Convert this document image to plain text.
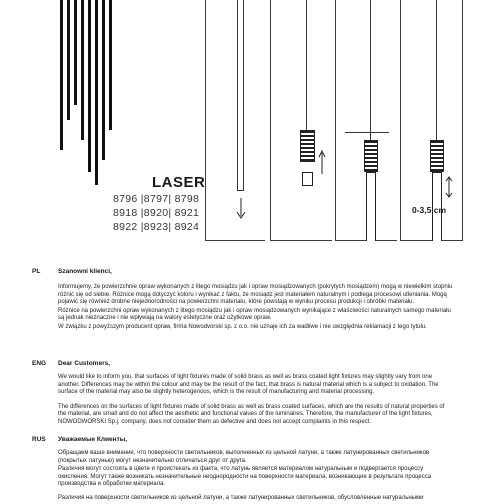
LASER
8796 |8797| 8798
8918 |8920| 8921
8922 |8923| 8924
0-3,5 cm
PL	Szanowni klienci,

Informujemy, że powierzchnie opraw wykonanych z litego mosiądzu jak i opraw mosiądzowanych (pokrytych mosiądzem) mogą w niewielkim stopniu różnić się od siebie. Różnice mogą dotyczyć koloru i wynikać z faktu, że mosiądz jest materiałem naturalnym i podlega procesowi utleniania. Mogą pojawić się również drobne niejednorodności na powierzchni materiału, które powstają w wyniku procesu produkcji i obróbki materiału.

Różnice na powierzchni opraw wykonanych z litego mosiądzu jak i opraw mosiądzowanych wynikające z właściwości naturalnych samego materiału są jednak nieznaczne i nie wpływają na walory estetyczne oraz użytkowe opraw.

W związku z powyższym producent opraw, firma Nowodvorski sp. z o.o. nie uznaje ich za wadliwe i nie uwzględnia reklamacji z tego tytułu.

ENG Dear Customers,

We would like to inform you, that surfaces of light fixtures made of solid brass as well as brass coated light fixtures may slightly vary from one another. Differences may be within the colour and may be the result of the fact, that brass is natural material which is a subject to oxidation. The surface of the material may also be slightly heterogenous, which is the result of manufacturing and material processing.

The differences on the surfaces of light fixtures made of solid brass as well as brass coated surfaces, which are the results of natural properties of the material, are small and do not affect the aesthetic and functional values of the luminaires. Therefore, the manufacturer of the light fixtures, NOWODWORSKI Sp.j. company, does not consider them as defective and does not accept complaints in this respect.

RUS Уважаемые Клиенты,

Обращаем ваше внимание, что поверхности светильников, выполненных из цельной латуни, а также латунированных светильников (покрытых латунью) могут незначительно отличаться друг от друга.

Различия могут состоять в цвете и проистекать из факта, что латунь является материалом натуральным и подвергается процессу окисления. Могут также возникать незначительные неоднородности на поверхности материала, возникающие в результате процесса производства и обработки материала.

Различия на поверхности светильников из цельной латуни, а также латунированных светильников, обусловленные натуральными
